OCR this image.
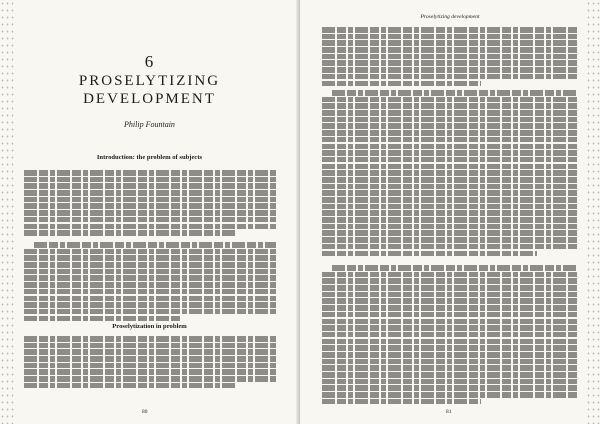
6
PROSELYTIZING
DEVELOPMENT
Philip Fountain
Introduction: the problem of subjects
Proselytization in problem
80
Proselytizing development
81
